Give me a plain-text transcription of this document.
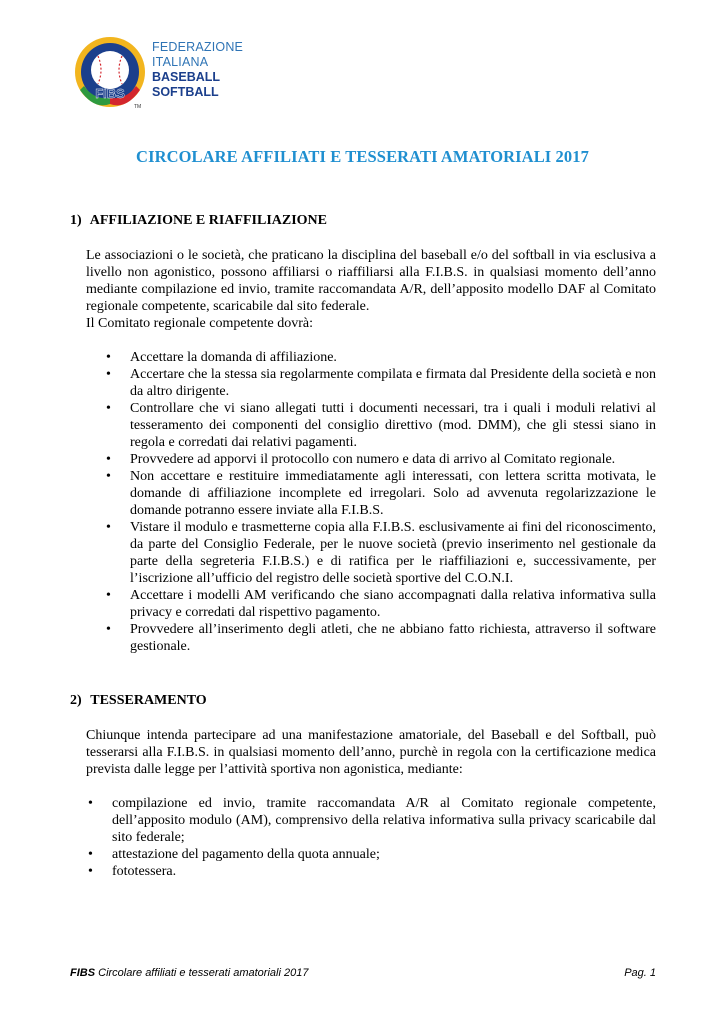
FIBS
TM
FEDERAZIONE
ITALIANA
BASEBALL
SOFTBALL
CIRCOLARE AFFILIATI E TESSERATI AMATORIALI 2017
1) AFFILIAZIONE E RIAFFILIAZIONE

Le associazioni o le società, che praticano la disciplina del baseball e/o del softball in via esclusiva a livello non agonistico, possono affiliarsi o riaffiliarsi alla F.I.B.S. in qualsiasi momento dell’anno mediante compilazione ed invio, tramite raccomandata A/R, dell’apposito modello DAF al Comitato regionale competente, scaricabile dal sito federale.

Il Comitato regionale competente dovrà:

• Accettare la domanda di affiliazione.
• Accertare che la stessa sia regolarmente compilata e firmata dal Presidente della società e non da altro dirigente.
• Controllare che vi siano allegati tutti i documenti necessari, tra i quali i moduli relativi al tesseramento dei componenti del consiglio direttivo (mod. DMM), che gli stessi siano in regola e corredati dai relativi pagamenti.
• Provvedere ad apporvi il protocollo con numero e data di arrivo al Comitato regionale.
• Non accettare e restituire immediatamente agli interessati, con lettera scritta motivata, le domande di affiliazione incomplete ed irregolari. Solo ad avvenuta regolarizzazione le domande potranno essere inviate alla F.I.B.S.
• Vistare il modulo e trasmetterne copia alla F.I.B.S. esclusivamente ai fini del riconoscimento, da parte del Consiglio Federale, per le nuove società (previo inserimento nel gestionale da parte della segreteria F.I.B.S.) e di ratifica per le riaffiliazioni e, successivamente, per l’iscrizione all’ufficio del registro delle società sportive del C.O.N.I.
• Accettare i modelli AM verificando che siano accompagnati dalla relativa informativa sulla privacy e corredati dal rispettivo pagamento.
• Provvedere all’inserimento degli atleti, che ne abbiano fatto richiesta, attraverso il software gestionale.
2) TESSERAMENTO

Chiunque intenda partecipare ad una manifestazione amatoriale, del Baseball e del Softball, può tesserarsi alla F.I.B.S. in qualsiasi momento dell’anno, purchè in regola con la certificazione medica prevista dalle legge per l’attività sportiva non agonistica, mediante:

• compilazione ed invio, tramite raccomandata A/R al Comitato regionale competente, dell’apposito modulo (AM), comprensivo della relativa informativa sulla privacy scaricabile dal sito federale;
• attestazione del pagamento della quota annuale;
• fototessera.
FIBS Circolare affiliati e tesserati amatoriali 2017	Pag. 1
